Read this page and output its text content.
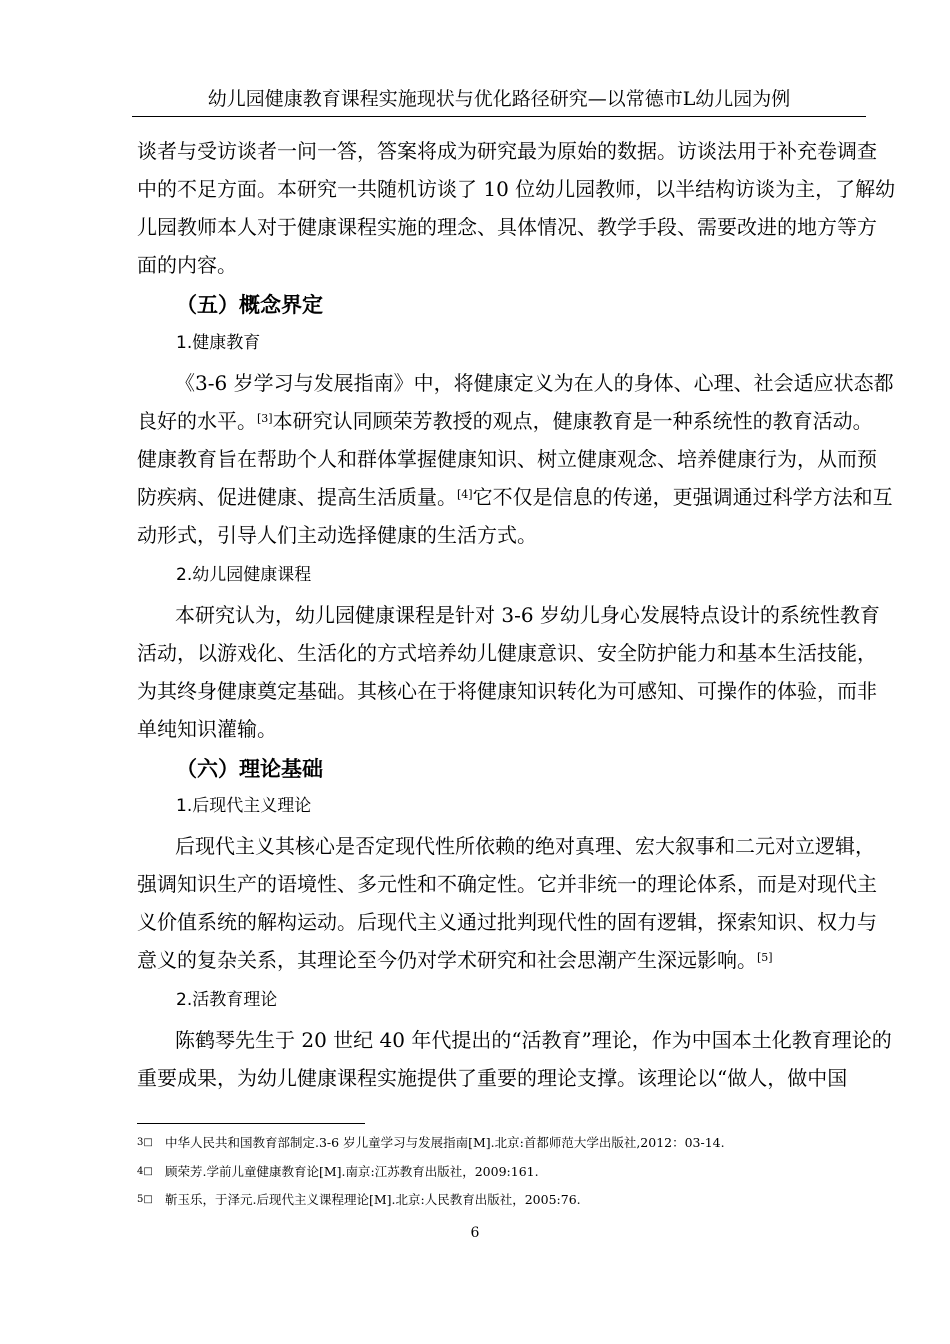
幼儿园健康教育课程实施现状与优化路径研究—以常德市L幼儿园为例
谈者与受访谈者一问一答，答案将成为研究最为原始的数据。访谈法用于补充卷调查
中的不足方面。本研究一共随机访谈了 10 位幼儿园教师，以半结构访谈为主，了解幼
儿园教师本人对于健康课程实施的理念、具体情况、教学手段、需要改进的地方等方
面的内容。
（五）概念界定
1.健康教育
《3-6 岁学习与发展指南》中，将健康定义为在人的身体、心理、社会适应状态都
良好的水平。[3]本研究认同顾荣芳教授的观点，健康教育是一种系统性的教育活动。
健康教育旨在帮助个人和群体掌握健康知识、树立健康观念、培养健康行为，从而预
防疾病、促进健康、提高生活质量。[4]它不仅是信息的传递，更强调通过科学方法和互
动形式，引导人们主动选择健康的生活方式。
2.幼儿园健康课程
本研究认为，幼儿园健康课程是针对 3-6 岁幼儿身心发展特点设计的系统性教育
活动，以游戏化、生活化的方式培养幼儿健康意识、安全防护能力和基本生活技能，
为其终身健康奠定基础。其核心在于将健康知识转化为可感知、可操作的体验，而非
单纯知识灌输。
（六）理论基础
1.后现代主义理论
后现代主义其核心是否定现代性所依赖的绝对真理、宏大叙事和二元对立逻辑，
强调知识生产的语境性、多元性和不确定性。它并非统一的理论体系，而是对现代主
义价值系统的解构运动。后现代主义通过批判现代性的固有逻辑，探索知识、权力与
意义的复杂关系，其理论至今仍对学术研究和社会思潮产生深远影响。[5]
2.活教育理论
陈鹤琴先生于 20 世纪 40 年代提出的“活教育”理论，作为中国本土化教育理论的
重要成果，为幼儿健康课程实施提供了重要的理论支撑。该理论以“做人，做中国
3□ 中华人民共和国教育部制定.3-6 岁儿童学习与发展指南[M].北京:首都师范大学出版社,2012：03-14.
4□ 顾荣芳.学前儿童健康教育论[M].南京:江苏教育出版社，2009:161.
5□ 靳玉乐，于泽元.后现代主义课程理论[M].北京:人民教育出版社，2005:76.
6
